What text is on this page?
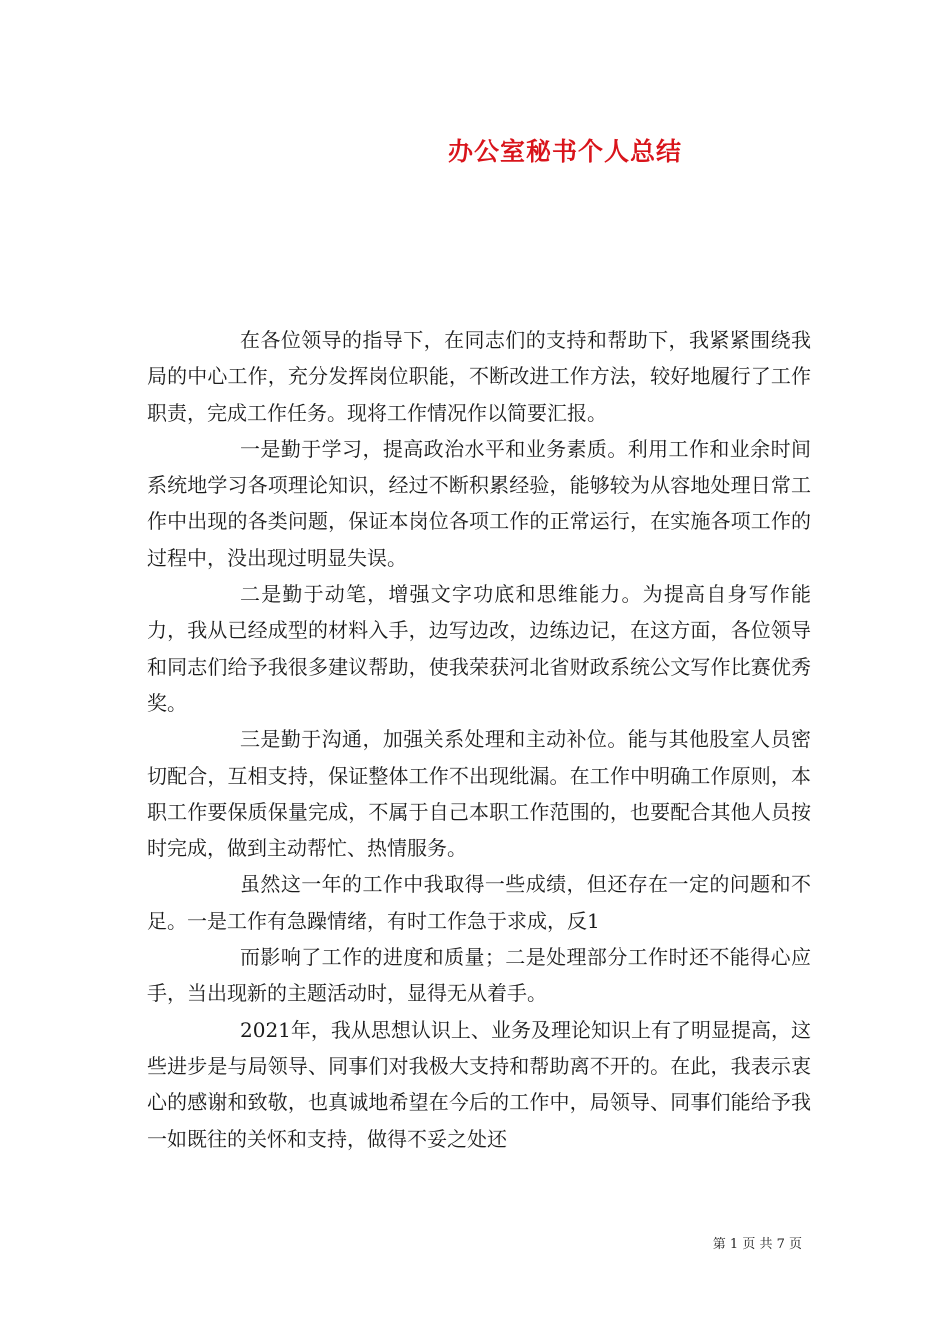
办公室秘书个人总结

在各位领导的指导下，在同志们的支持和帮助下，我紧紧围绕我局的中心工作，充分发挥岗位职能，不断改进工作方法，较好地履行了工作职责，完成工作任务。现将工作情况作以简要汇报。

一是勤于学习，提高政治水平和业务素质。利用工作和业余时间系统地学习各项理论知识，经过不断积累经验，能够较为从容地处理日常工作中出现的各类问题，保证本岗位各项工作的正常运行，在实施各项工作的过程中，没出现过明显失误。

二是勤于动笔，增强文字功底和思维能力。为提高自身写作能力，我从已经成型的材料入手，边写边改，边练边记，在这方面，各位领导和同志们给予我很多建议帮助，使我荣获河北省财政系统公文写作比赛优秀奖。

三是勤于沟通，加强关系处理和主动补位。能与其他股室人员密切配合，互相支持，保证整体工作不出现纰漏。在工作中明确工作原则，本职工作要保质保量完成，不属于自己本职工作范围的，也要配合其他人员按时完成，做到主动帮忙、热情服务。

虽然这一年的工作中我取得一些成绩，但还存在一定的问题和不足。一是工作有急躁情绪，有时工作急于求成，反1

而影响了工作的进度和质量；二是处理部分工作时还不能得心应手，当出现新的主题活动时，显得无从着手。

2021年，我从思想认识上、业务及理论知识上有了明显提高，这些进步是与局领导、同事们对我极大支持和帮助离不开的。在此，我表示衷心的感谢和致敬，也真诚地希望在今后的工作中，局领导、同事们能给予我一如既往的关怀和支持，做得不妥之处还

第 1 页 共 7 页
